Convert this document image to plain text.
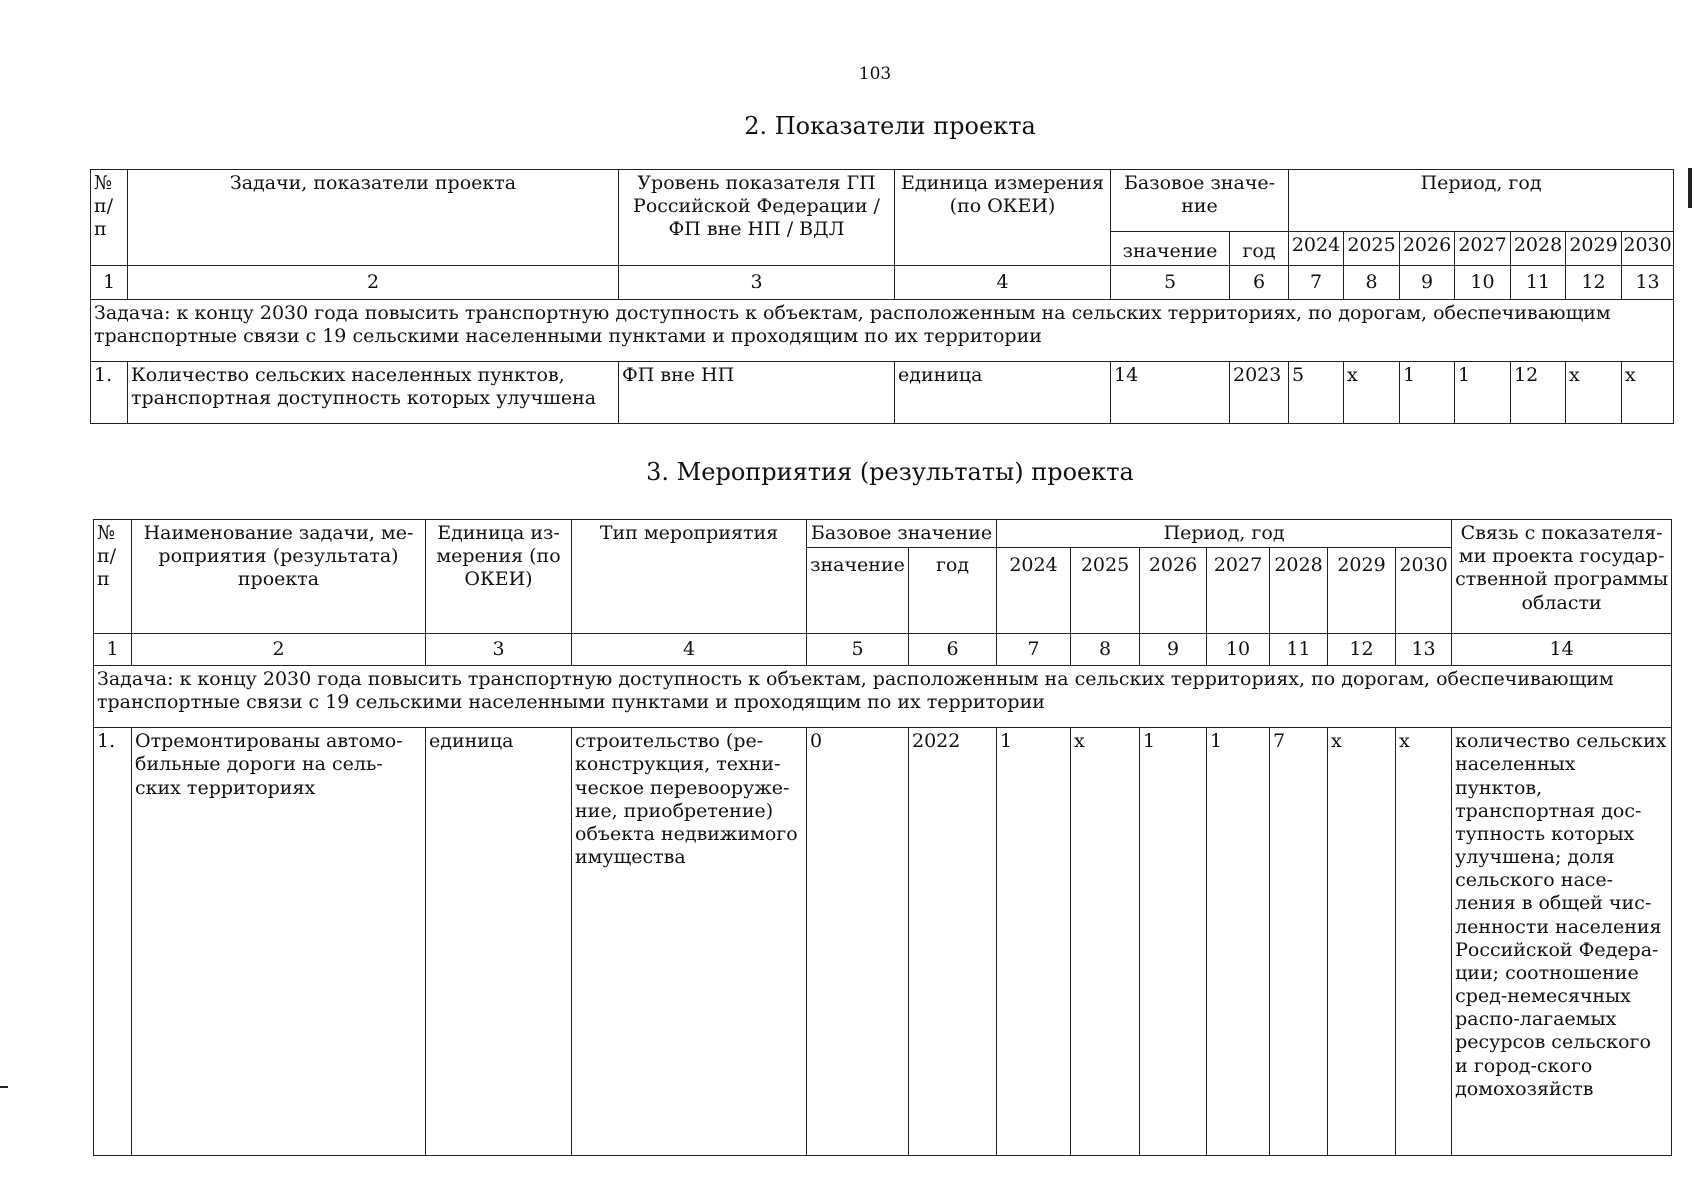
103
2. Показатели проекта
№ п/п	Задачи, показатели проекта	Уровень показателя ГП Российской Федерации / ФП вне НП / ВДЛ	Единица измерения (по ОКЕИ)	Базовое значе-ние		Период, год						
				значение	год	2024	2025	2026	2027	2028	2029	2030
1	2	3	4	5	6	7	8	9	10	11	12	13
Задача: к концу 2030 года повысить транспортную доступность к объектам, расположенным на сельских территориях, по дорогам, обеспечивающим транспортные связи с 19 сельскими населенными пунктами и проходящим по их территории												
1.	Количество сельских населенных пунктов, транспортная доступность которых улучшена	ФП вне НП	единица	14	2023	5	x	1	1	12	x	x
3. Мероприятия (результаты) проекта
№ п/п	Наименование задачи, ме-роприятия (результата) проекта	Единица из-мерения (по ОКЕИ)	Тип мероприятия	Базовое значение		Период, год							Связь с показателя-ми проекта государ-ственной программы области
				значение	год	2024	2025	2026	2027	2028	2029	2030	
1	2	3	4	5	6	7	8	9	10	11	12	13	14
Задача: к концу 2030 года повысить транспортную доступность к объектам, расположенным на сельских территориях, по дорогам, обеспечивающим транспортные связи с 19 сельскими населенными пунктами и проходящим по их территории													
1.	Отремонтированы автомо-бильные дороги на сель-ских территориях	единица	строительство (ре-конструкция, техни-ческое перевооруже-ние, приобретение) объекта недвижимого имущества	0	2022	1	x	1	1	7	x	x	количество сельских населенных пунктов, транспортная дос-тупность которых улучшена; доля сельского насе-ления в общей чис-ленности населения Российской Федера-ции; соотношение сред-немесячных распо-лагаемых ресурсов сельского и город-ского домохозяйств
